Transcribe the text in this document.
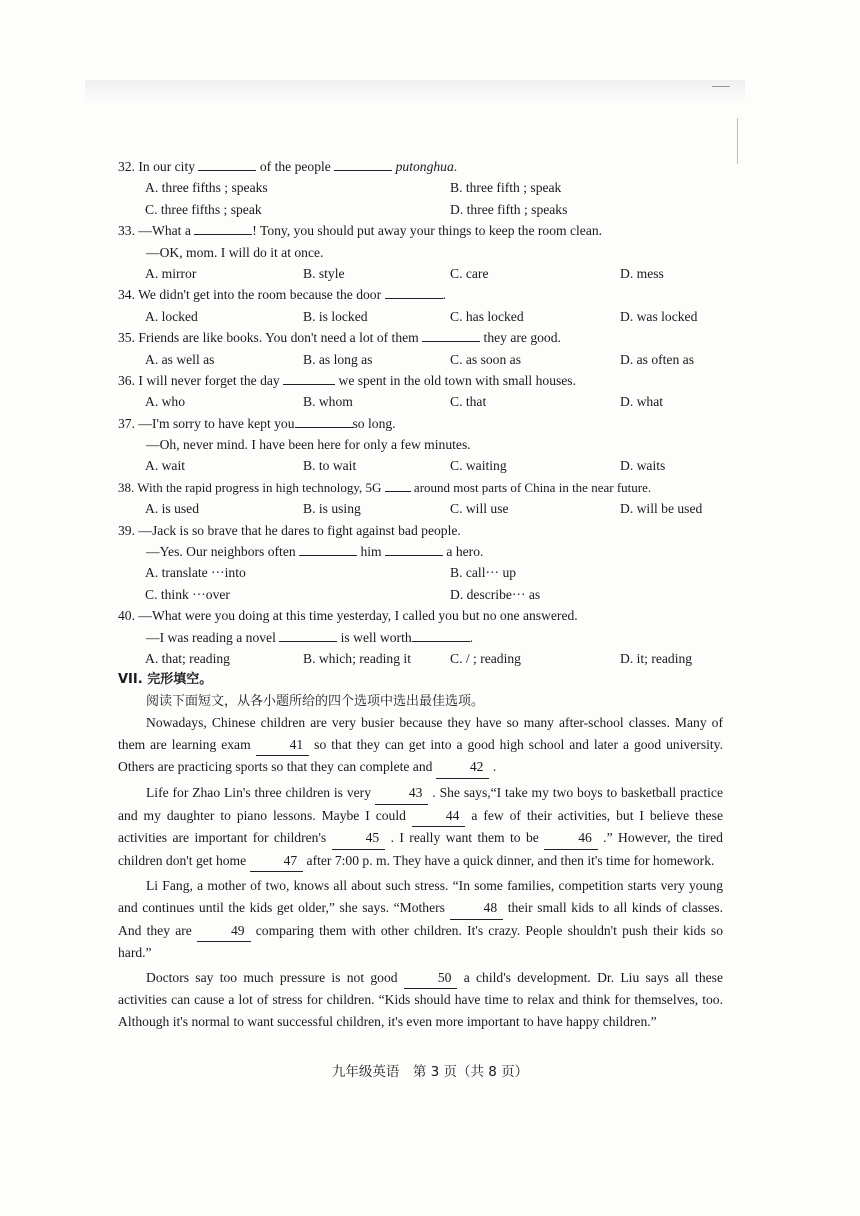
32. In our city	of the people	putonghua.
A. three fifths ; speaks	B. three fifth ; speak
C. three fifths ; speak	D. three fifth ; speaks
33. —What a	! Tony, you should put away your things to keep the room clean.
—OK, mom. I will do it at once.
A. mirror	B. style	C. care	D. mess
34. We didn't get into the room because the door	.
A. locked	B. is locked	C. has locked	D. was locked
35. Friends are like books. You don't need a lot of them	they are good.
A. as well as	B. as long as	C. as soon as	D. as often as
36. I will never forget the day	we spent in the old town with small houses.
A. who	B. whom	C. that	D. what
37. —I'm sorry to have kept you	so long.
—Oh, never mind. I have been here for only a few minutes.
A. wait	B. to wait	C. waiting	D. waits
38. With the rapid progress in high technology, 5G  around most parts of China in the near future.
A. is used	B. is using	C. will use	D. will be used
39. —Jack is so brave that he dares to fight against bad people.
—Yes. Our neighbors often	him	a hero.
A. translate ···into	B. call··· up
C. think ···over	D. describe··· as
40. —What were you doing at this time yesterday, I called you but no one answered.
—I was reading a novel	is well worth	.
A. that; reading	B. which; reading it	C. / ; reading	D. it; reading
VII. 完形填空。
阅读下面短文，从各小题所给的四个选项中选出最佳选项。

Nowadays, Chinese children are very busier because they have so many after-school classes. Many of them are learning exam	41 so that they can get into a good high school and later a good university. Others are practicing sports so that they can complete and	42 .

Life for Zhao Lin's three children is very	43 . She says,“I take my two boys to basketball practice and my daughter to piano lessons. Maybe I could	44 a few of their activities, but I believe these activities are important for children's	45 . I really want them to be	46 .” However, the tired children don't get home	47 after 7:00 p. m. They have a quick dinner, and then it's time for homework.

Li Fang, a mother of two, knows all about such stress. “In some families, competition starts very young and continues until the kids get older,” she says. “Mothers	48 their small kids to all kinds of classes. And they are	49 comparing them with other children. It's crazy. People shouldn't push their kids so hard.”

Doctors say too much pressure is not good	50 a child's development. Dr. Liu says all these activities can cause a lot of stress for children. “Kids should have time to relax and think for themselves, too. Although it's normal to want successful children, it's even more important to have happy children.”

九年级英语　第 3 页（共 8 页）
